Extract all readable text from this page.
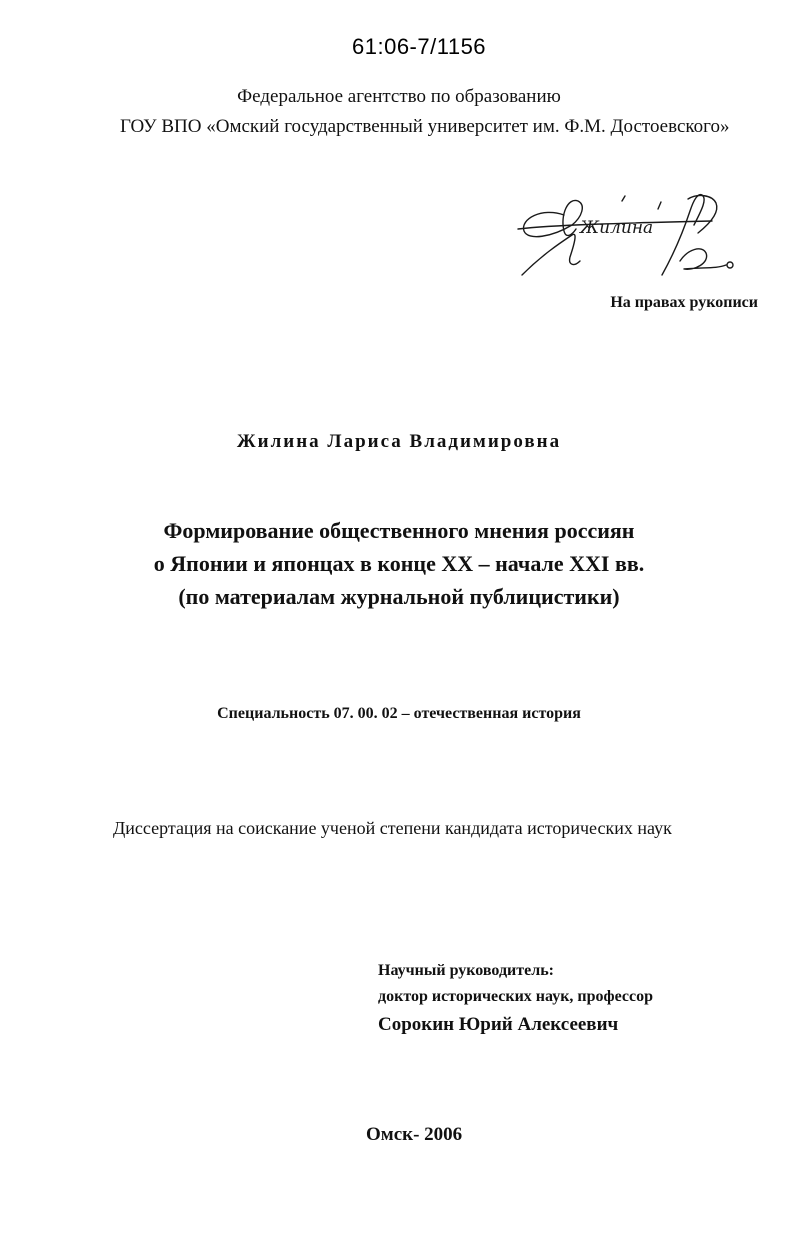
61:06-7/1156
Федеральное агентство по образованию
ГОУ ВПО «Омский государственный университет им. Ф.М. Достоевского»
Жилина
На правах рукописи
Жилина Лариса Владимировна
Формирование общественного мнения россиян
о Японии и японцах в конце XX – начале XXI вв.
(по материалам журнальной публицистики)
Специальность 07. 00. 02 – отечественная история
Диссертация на соискание ученой степени кандидата исторических наук
Научный руководитель:
доктор исторических наук, профессор
Сорокин Юрий Алексеевич
Омск- 2006
